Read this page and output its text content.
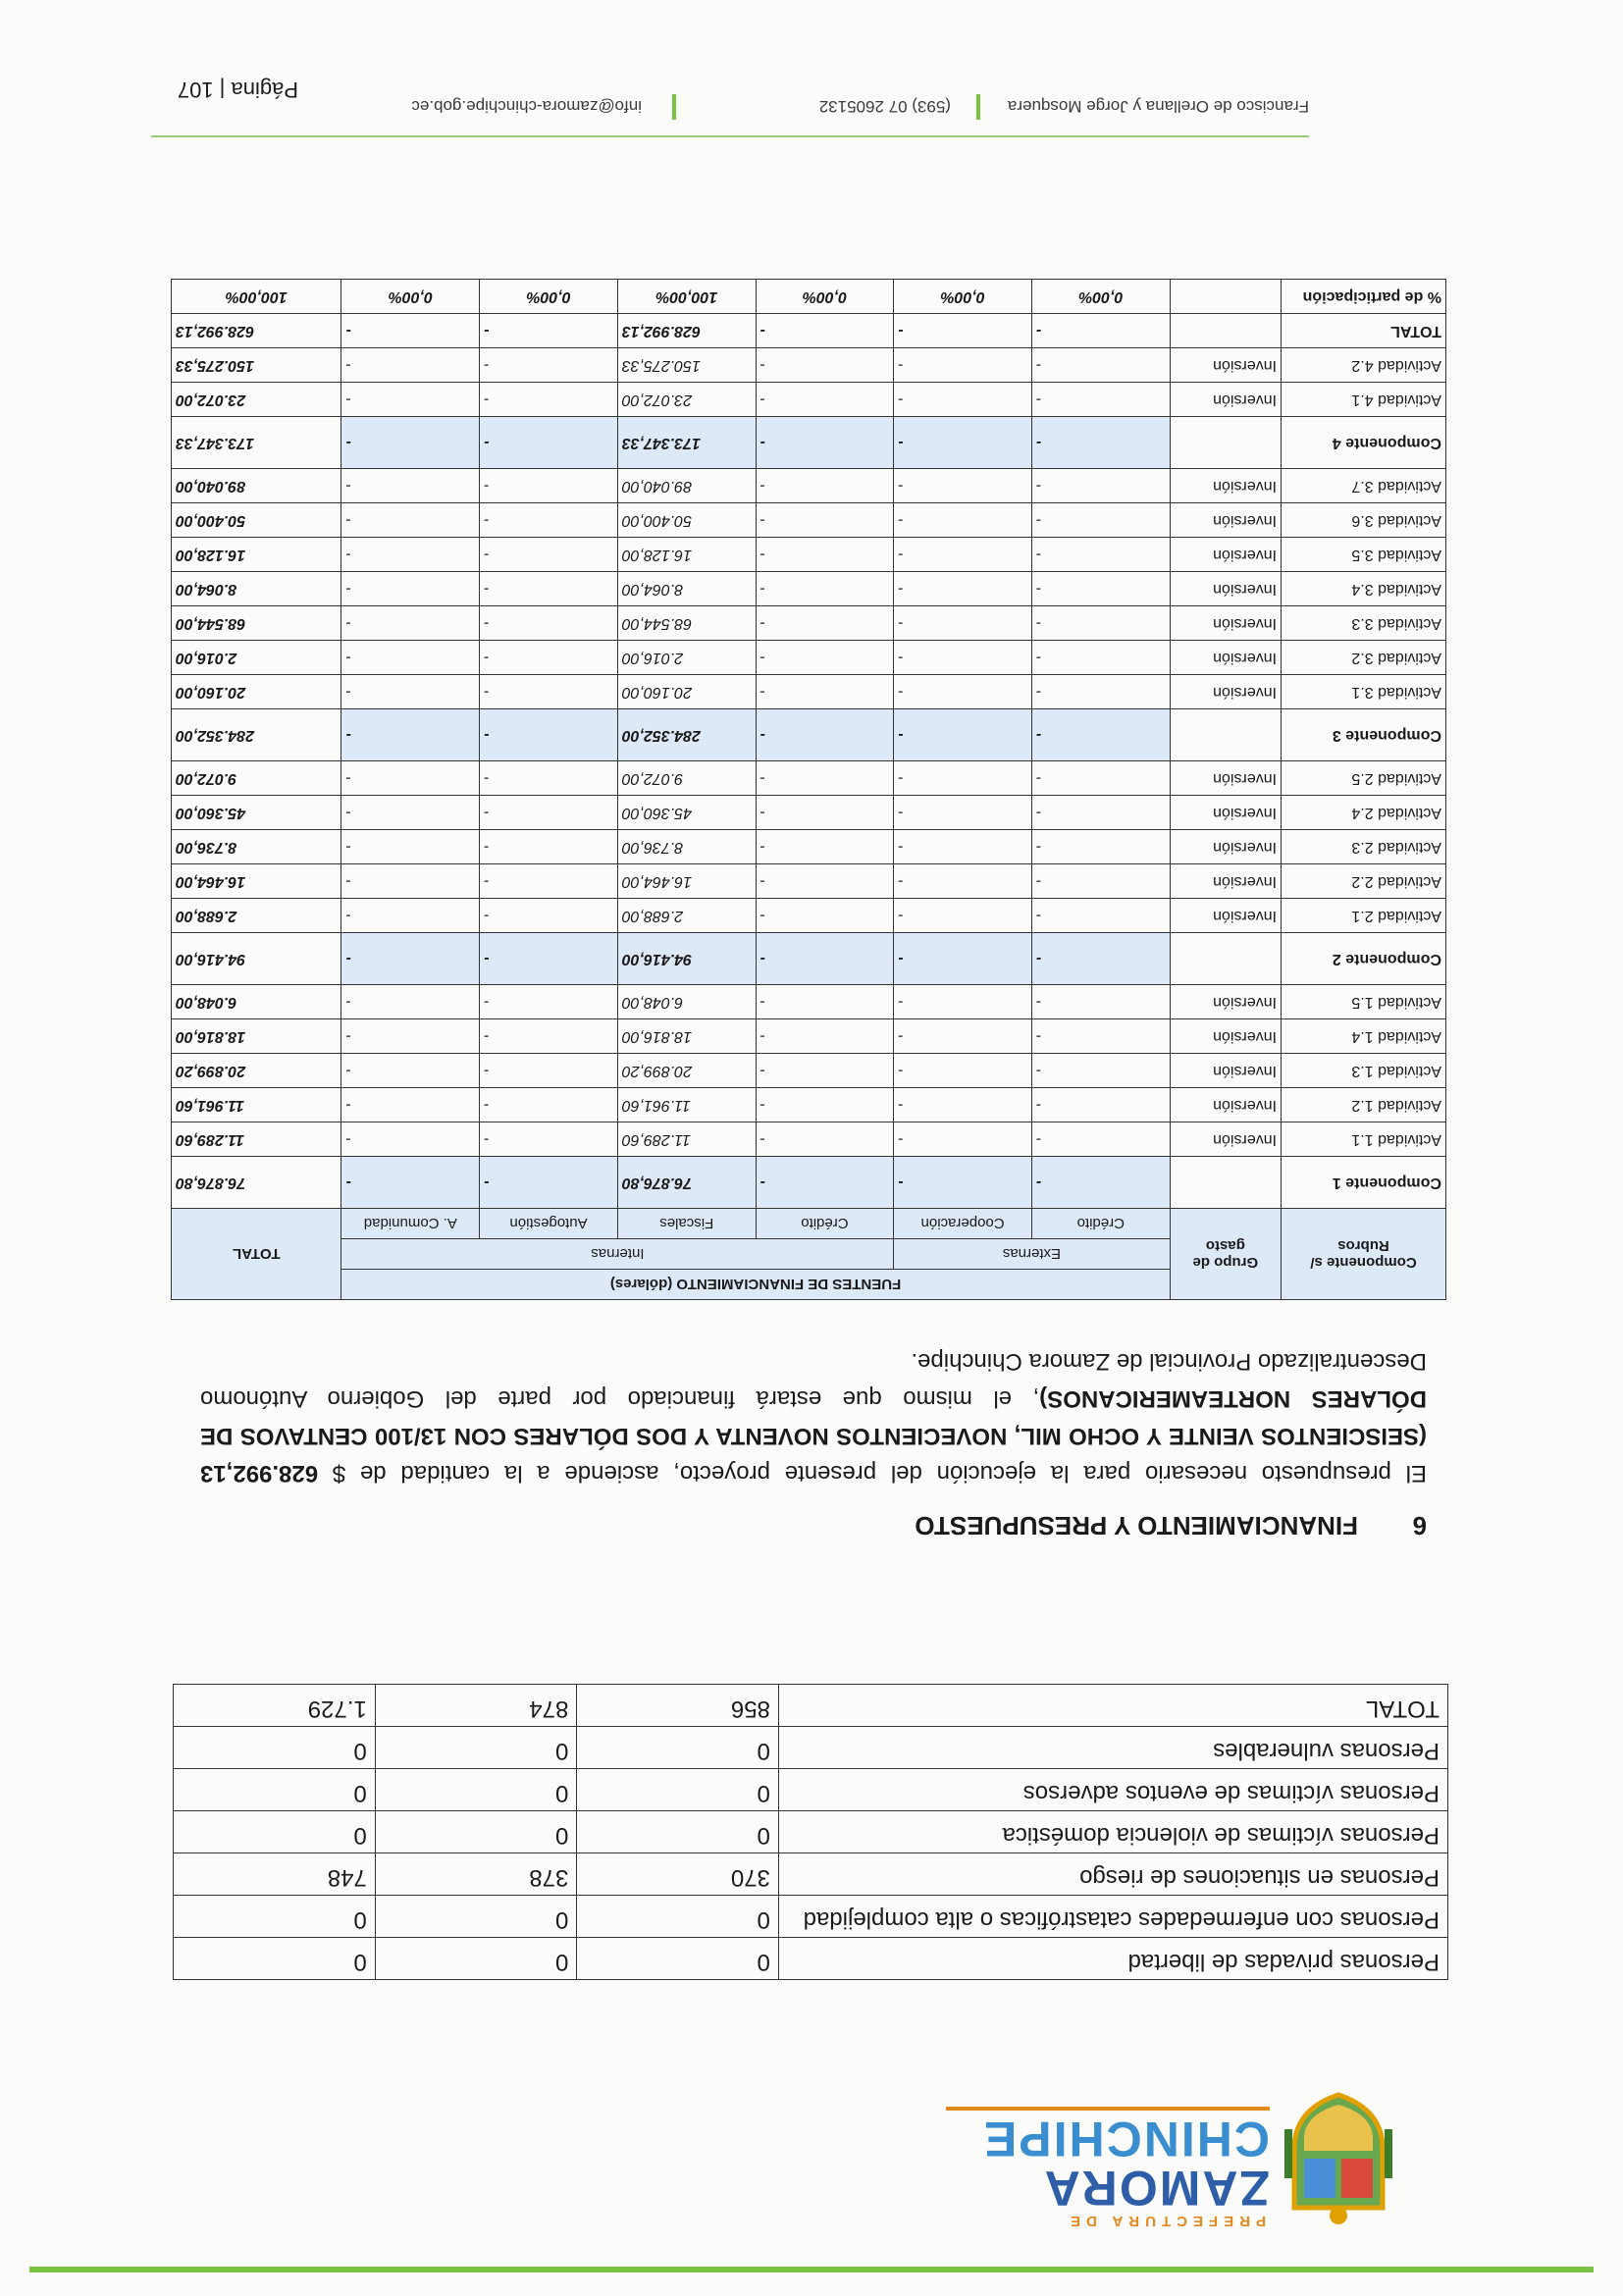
PREFECTURA DE
ZAMORA
CHINCHIPE
Personas privadas de libertad	0	0	0
Personas con enfermedades catastróficas o alta complejidad	0	0	0
Personas en situaciones de riesgo	370	378	748
Personas víctimas de violencia doméstica	0	0	0
Personas víctimas de eventos adversos	0	0	0
Personas vulnerables	0	0	0
TOTAL	856	874	1.729
6FINANCIAMIENTO Y PRESUPUESTO
El presupuesto necesario para la ejecución del presente proyecto, asciende a la cantidad de $ 628.992,13 (SEISCIENTOS VEINTE Y OCHO MIL, NOVECIENTOS NOVENTA Y DOS DÓLARES CON 13/100 CENTAVOS DE DÓLARES NORTEAMERICANOS), el mismo que estará financiado por parte del Gobierno Autónomo Descentralizado Provincial de Zamora Chinchipe.
Componente s/ Rubros	Grupo de gasto	FUENTES DE FINANCIAMIENTO (dólares)						TOTAL
		Externas		Internas				
		Crédito	Cooperación	Crédito	Fiscales	Autogestión	A. Comunidad	
Componente 1		-	-	-	76.876,80	-	-	76.876,80
Actividad 1.1	Inversión	-	-	-	11.289,60	-	-	11.289,60
Actividad 1.2	Inversión	-	-	-	11.961,60	-	-	11.961,60
Actividad 1.3	Inversión	-	-	-	20.899,20	-	-	20.899,20
Actividad 1.4	Inversión	-	-	-	18.816,00	-	-	18.816,00
Actividad 1.5	Inversión	-	-	-	6.048,00	-	-	6.048,00
Componente 2		-	-	-	94.416,00	-	-	94.416,00
Actividad 2.1	Inversión	-	-	-	2.688,00	-	-	2.688,00
Actividad 2.2	Inversión	-	-	-	16.464,00	-	-	16.464,00
Actividad 2.3	Inversión	-	-	-	8.736,00	-	-	8.736,00
Actividad 2.4	Inversión	-	-	-	45.360,00	-	-	45.360,00
Actividad 2.5	Inversión	-	-	-	9.072,00	-	-	9.072,00
Componente 3		-	-	-	284.352,00	-	-	284.352,00
Actividad 3.1	Inversión	-	-	-	20.160,00	-	-	20.160,00
Actividad 3.2	Inversión	-	-	-	2.016,00	-	-	2.016,00
Actividad 3.3	Inversión	-	-	-	68.544,00	-	-	68.544,00
Actividad 3.4	Inversión	-	-	-	8.064,00	-	-	8.064,00
Actividad 3.5	Inversión	-	-	-	16.128,00	-	-	16.128,00
Actividad 3.6	Inversión	-	-	-	50.400,00	-	-	50.400,00
Actividad 3.7	Inversión	-	-	-	89.040,00	-	-	89.040,00
Componente 4		-	-	-	173.347,33	-	-	173.347,33
Actividad 4.1	Inversión	-	-	-	23.072,00	-	-	23.072,00
Actividad 4.2	Inversión	-	-	-	150.275,33	-	-	150.275,33
TOTAL		-	-	-	628.992,13	-	-	628.992,13
% de participación		0,00%	0,00%	0,00%	100,00%	0,00%	0,00%	100,00%
Francisco de Orellana y Jorge Mosquera
(593) 07 2605132
info@zamora-chinchipe.gob.ec
Página | 107
